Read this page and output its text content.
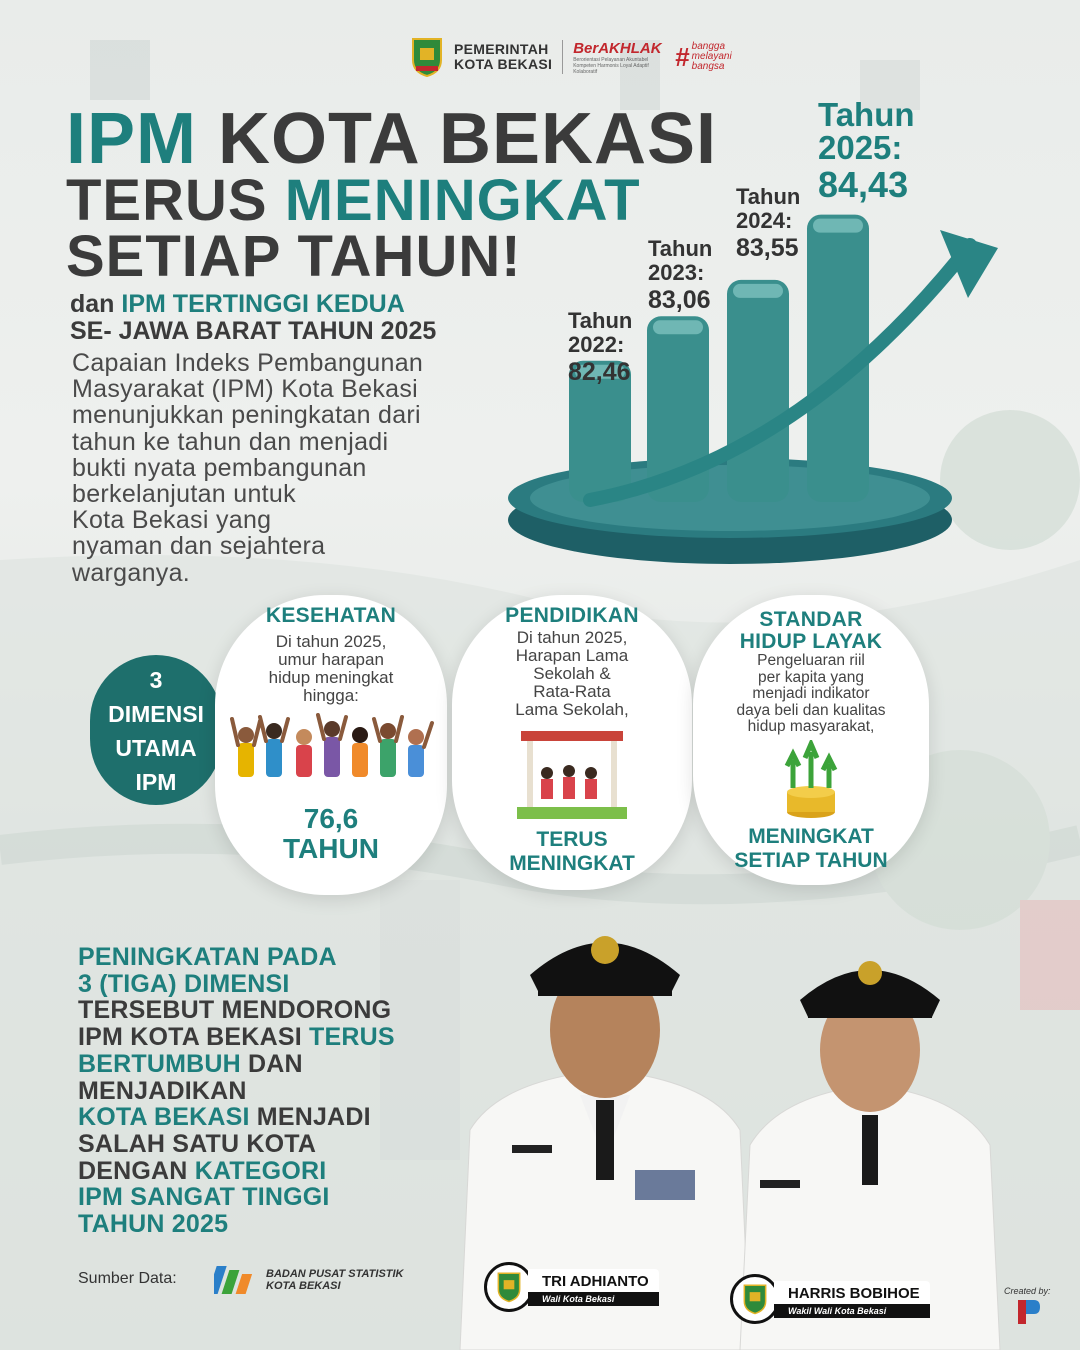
PEMERINTAH
KOTA BEKASI
BerAKHLAK
Berorientasi Pelayanan Akuntabel Kompeten Harmonis Loyal Adaptif Kolaboratif	# bangga
melayani
bangsa
IPM KOTA BEKASI
TERUS MENINGKAT
SETIAP TAHUN!
dan IPM TERTINGGI KEDUA
SE- JAWA BARAT TAHUN 2025
Capaian Indeks Pembangunan
Masyarakat (IPM) Kota Bekasi
menunjukkan peningkatan dari
tahun ke tahun dan menjadi
bukti nyata pembangunan
berkelanjutan untuk
Kota Bekasi yang
nyaman dan sejahtera
warganya.
Tahun
2022:
82,46
Tahun
2023:
83,06
Tahun
2024:
83,55
Tahun
2025:
84,43
3
DIMENSI
UTAMA
IPM
KESEHATAN
Di tahun 2025,
umur harapan
hidup meningkat
hingga:
76,6
TAHUN
PENDIDIKAN
Di tahun 2025,
Harapan Lama
Sekolah &
Rata-Rata
Lama Sekolah,
TERUS
MENINGKAT
STANDAR
HIDUP LAYAK
Pengeluaran riil
per kapita yang
menjadi indikator
daya beli dan kualitas
hidup masyarakat,
MENINGKAT
SETIAP TAHUN
PENINGKATAN PADA
3 (TIGA) DIMENSI
TERSEBUT MENDORONG
IPM KOTA BEKASI TERUS
BERTUMBUH DAN
MENJADIKAN
KOTA BEKASI MENJADI
SALAH SATU KOTA
DENGAN KATEGORI
IPM SANGAT TINGGI
TAHUN 2025
Sumber Data:	BADAN PUSAT STATISTIK
KOTA BEKASI	TRI ADHIANTO
Wali Kota Bekasi	HARRIS BOBIHOE
Wakil Wali Kota Bekasi
Created by:
